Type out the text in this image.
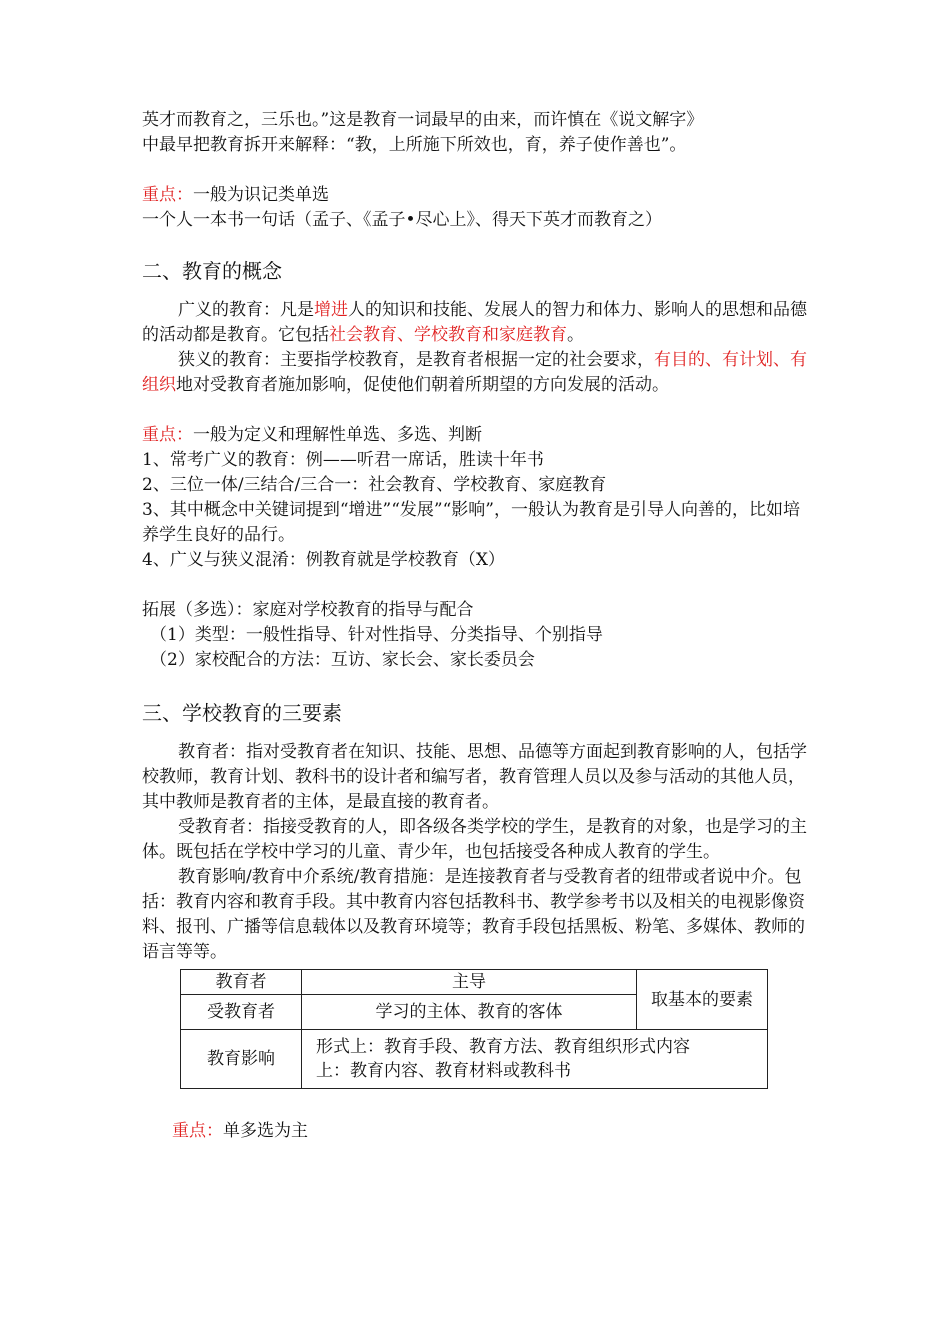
英才而教育之，三乐也。”这是教育一词最早的由来，而许慎在《说文解字》

中最早把教育拆开来解释：“教，上所施下所效也，育，养子使作善也”。

重点：一般为识记类单选

一个人一本书一句话（孟子、《孟子•尽心上》、得天下英才而教育之）

二、教育的概念

广义的教育：凡是增进人的知识和技能、发展人的智力和体力、影响人的思想和品德的活动都是教育。它包括社会教育、学校教育和家庭教育。

狭义的教育：主要指学校教育，是教育者根据一定的社会要求，有目的、有计划、有组织地对受教育者施加影响，促使他们朝着所期望的方向发展的活动。

重点：一般为定义和理解性单选、多选、判断

1、常考广义的教育：例——听君一席话，胜读十年书

2、三位一体/三结合/三合一：社会教育、学校教育、家庭教育

3、其中概念中关键词提到“增进”“发展”“影响”，一般认为教育是引导人向善的，比如培养学生良好的品行。

4、广义与狭义混淆：例教育就是学校教育（X）

拓展（多选）：家庭对学校教育的指导与配合

（1）类型：一般性指导、针对性指导、分类指导、个别指导

（2）家校配合的方法：互访、家长会、家长委员会

三、学校教育的三要素

教育者：指对受教育者在知识、技能、思想、品德等方面起到教育影响的人，包括学校教师，教育计划、教科书的设计者和编写者，教育管理人员以及参与活动的其他人员，其中教师是教育者的主体，是最直接的教育者。

受教育者：指接受教育的人，即各级各类学校的学生，是教育的对象，也是学习的主体。既包括在学校中学习的儿童、青少年，也包括接受各种成人教育的学生。

教育影响/教育中介系统/教育措施：是连接教育者与受教育者的纽带或者说中介。包括：教育内容和教育手段。其中教育内容包括教科书、教学参考书以及相关的电视影像资料、报刊、广播等信息载体以及教育环境等；教育手段包括黑板、粉笔、多媒体、教师的语言等等。

教育者	主导	取基本的要素
受教育者	学习的主体、教育的客体	
教育影响	形式上：教育手段、教育方法、教育组织形式内容
上：教育内容、教育材料或教科书	

重点：单多选为主
